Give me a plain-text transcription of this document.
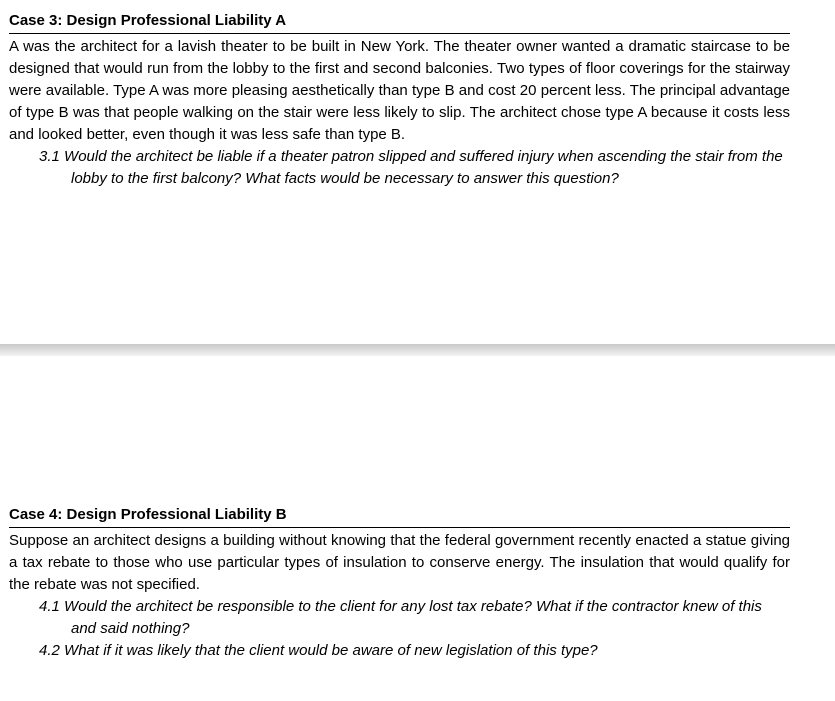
Case 3: Design Professional Liability A
A was the architect for a lavish theater to be built in New York. The theater owner wanted a dramatic staircase to be designed that would run from the lobby to the first and second balconies. Two types of floor coverings for the stairway were available. Type A was more pleasing aesthetically than type B and cost 20 percent less. The principal advantage of type B was that people walking on the stair were less likely to slip. The architect chose type A because it costs less and looked better, even though it was less safe than type B.
3.1 Would the architect be liable if a theater patron slipped and suffered injury when ascending the stair from the lobby to the first balcony? What facts would be necessary to answer this question?
Case 4: Design Professional Liability B
Suppose an architect designs a building without knowing that the federal government recently enacted a statue giving a tax rebate to those who use particular types of insulation to conserve energy. The insulation that would qualify for the rebate was not specified.
4.1 Would the architect be responsible to the client for any lost tax rebate? What if the contractor knew of this and said nothing?
4.2 What if it was likely that the client would be aware of new legislation of this type?
